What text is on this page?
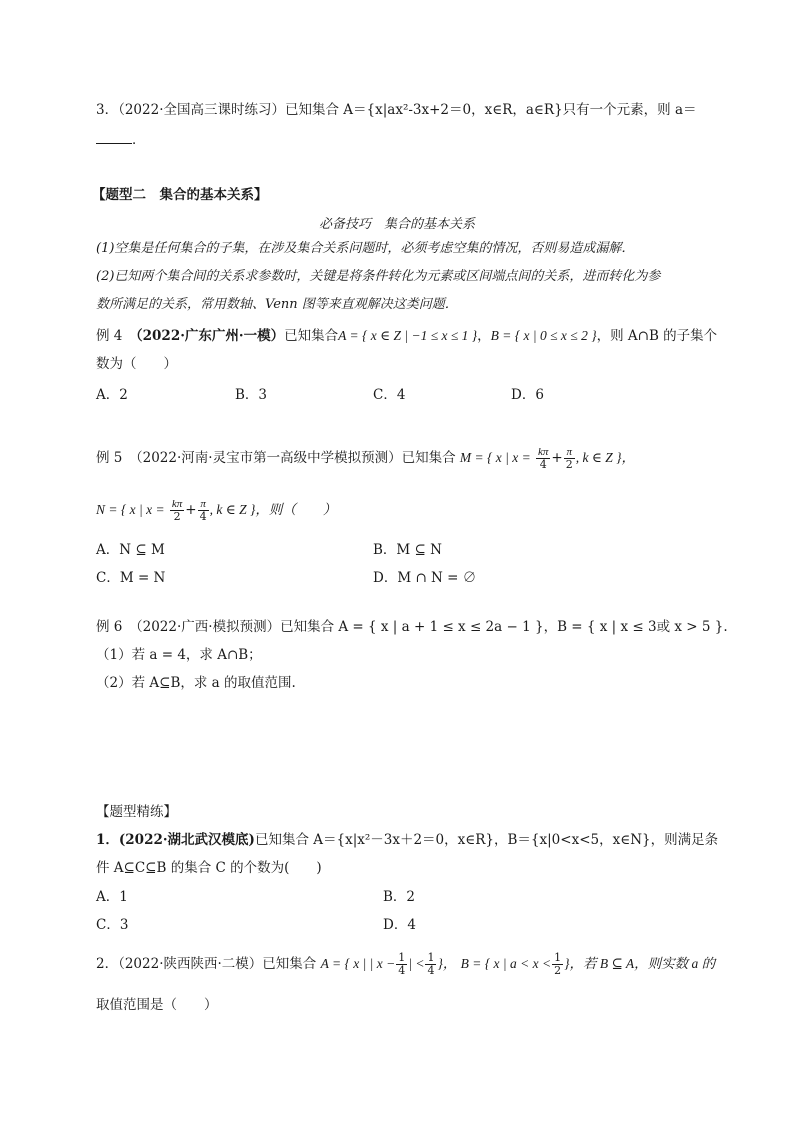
3．（2022·全国高三课时练习）已知集合 A＝{x|ax²-3x+2＝0，x∈R，a∈R}只有一个元素，则 a＝
．
【题型二　集合的基本关系】
必备技巧　集合的基本关系
(1)空集是任何集合的子集，在涉及集合关系问题时，必须考虑空集的情况，否则易造成漏解．
(2)已知两个集合间的关系求参数时，关键是将条件转化为元素或区间端点间的关系，进而转化为参
数所满足的关系，常用数轴、Venn 图等来直观解决这类问题．
例 4　（2022·广东广州·一模）已知集合A = { x ∈ Z | −1 ≤ x ≤ 1 }，B = { x | 0 ≤ x ≤ 2 }，则 A∩B 的子集个
数为（　　）
A．2	B．3	C．4	D．6
例 5　（2022·河南·灵宝市第一高级中学模拟预测）已知集合 M = { x | $x = \frac{k\pi}{4} + \frac{\pi}{2}$ , k ∈ Z }，
N = { x | $x = \frac{k\pi}{2} + \frac{\pi}{4}$ , k ∈ Z }，则（　　）
A．N ⊆ M	B．M ⊆ N
C．M = N	D．M ∩ N = ∅
例 6　（2022·广西·模拟预测）已知集合 A = { x | a + 1 ≤ x ≤ 2a − 1 }，B = { x | x ≤ 3或 x > 5 }.
（1）若 a = 4，求 A∩B；
（2）若 A⊆B，求 a 的取值范围.
【题型精练】
1．(2022·湖北武汉模底)已知集合 A＝{x|x²－3x＋2＝0，x∈R}，B＝{x|0<x<5，x∈N}，则满足条
件 A⊆C⊆B 的集合 C 的个数为(　　)
A．1	B．2
C．3	D．4
2．（2022·陕西陕西·二模）已知集合 A = { x | | $x - \frac{1}{4}$ | < $\frac{1}{4}$ }， B = { x | $a < x < \frac{1}{2}$ }，若 B ⊆ A，则实数 a 的
取值范围是（　　）
